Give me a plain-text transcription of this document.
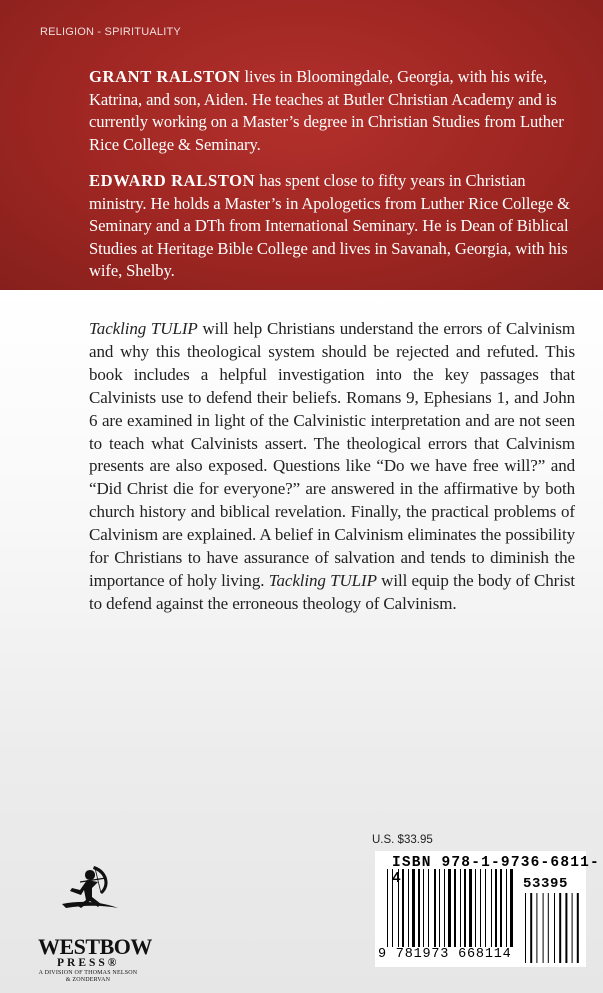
RELIGION - SPIRITUALITY
GRANT RALSTON lives in Bloomingdale, Georgia, with his wife, Katrina, and son, Aiden. He teaches at Butler Christian Academy and is currently working on a Master’s degree in Christian Studies from Luther Rice College & Seminary.
EDWARD RALSTON has spent close to fifty years in Christian ministry. He holds a Master’s in Apologetics from Luther Rice College & Seminary and a DTh from International Seminary. He is Dean of Biblical Studies at Heritage Bible College and lives in Savanah, Georgia, with his wife, Shelby.
Tackling TULIP will help Christians understand the errors of Calvinism and why this theological system should be rejected and refuted. This book includes a helpful investigation into the key passages that Calvinists use to defend their beliefs. Romans 9, Ephesians 1, and John 6 are examined in light of the Calvinistic interpretation and are not seen to teach what Calvinists assert. The theological errors that Calvinism presents are also exposed. Questions like “Do we have free will?” and “Did Christ die for everyone?” are answered in the affirmative by both church history and biblical revelation. Finally, the practical problems of Calvinism are explained. A belief in Calvinism eliminates the possibility for Christians to have assurance of salvation and tends to diminish the importance of holy living. Tackling TULIP will equip the body of Christ to defend against the erroneous theology of Calvinism.
WESTBOW
PRESS®
A DIVISION OF THOMAS NELSON
& ZONDERVAN
U.S. $33.95
ISBN 978-1-9736-6811-4	53395
9 781973 668114
